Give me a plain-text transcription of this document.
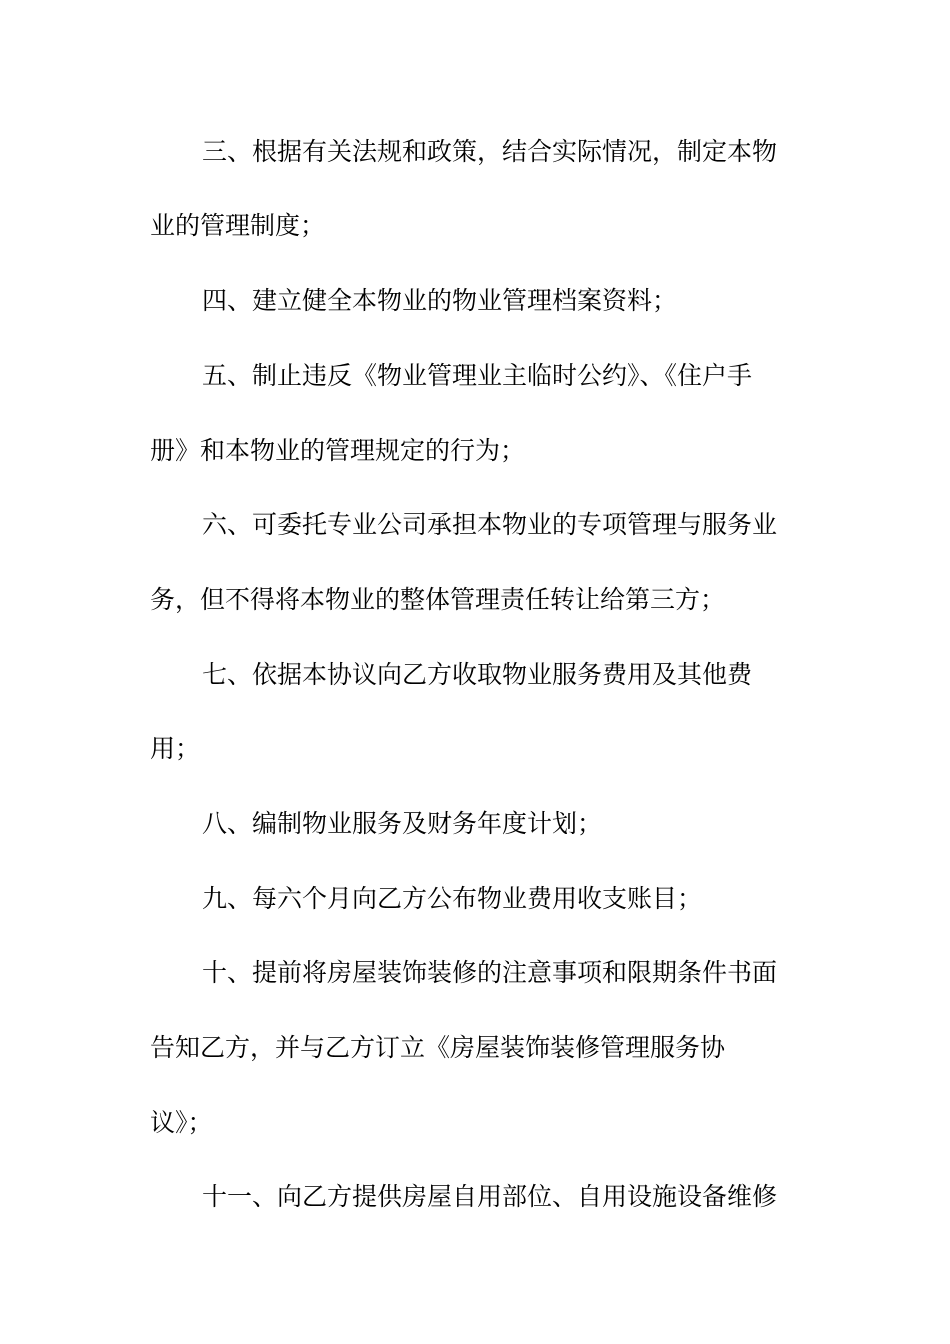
三、根据有关法规和政策，结合实际情况，制定本物
业的管理制度；
四、建立健全本物业的物业管理档案资料；
五、制止违反《物业管理业主临时公约》、《住户手
册》和本物业的管理规定的行为；
六、可委托专业公司承担本物业的专项管理与服务业
务，但不得将本物业的整体管理责任转让给第三方；
七、依据本协议向乙方收取物业服务费用及其他费
用；
八、编制物业服务及财务年度计划；
九、每六个月向乙方公布物业费用收支账目；
十、提前将房屋装饰装修的注意事项和限期条件书面
告知乙方，并与乙方订立《房屋装饰装修管理服务协
议》；
十一、向乙方提供房屋自用部位、自用设施设备维修
